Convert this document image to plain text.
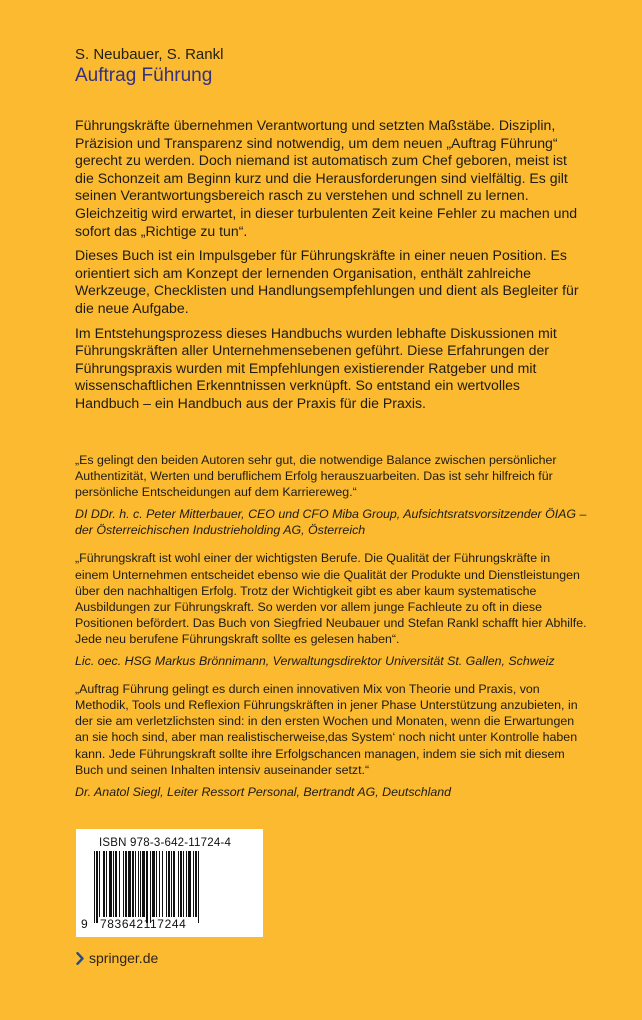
S. Neubauer, S. Rankl
Auftrag Führung

Führungskräfte übernehmen Verantwortung und setzten Maßstäbe. Disziplin, Präzision und Transparenz sind notwendig, um dem neuen „Auftrag Führung“ gerecht zu werden. Doch niemand ist automatisch zum Chef geboren, meist ist die Schonzeit am Beginn kurz und die Herausforderungen sind vielfältig. Es gilt seinen Verantwortungsbereich rasch zu verstehen und schnell zu lernen. Gleichzeitig wird erwartet, in dieser turbulenten Zeit keine Fehler zu machen und sofort das „Richtige zu tun“.

Dieses Buch ist ein Impulsgeber für Führungskräfte in einer neuen Position. Es orientiert sich am Konzept der lernenden Organisation, enthält zahlreiche Werkzeuge, Checklisten und Handlungsempfehlungen und dient als Begleiter für die neue Aufgabe.

Im Entstehungsprozess dieses Handbuchs wurden lebhafte Diskussionen mit Führungskräften aller Unternehmensebenen geführt. Diese Erfahrungen der Führungspraxis wurden mit Empfehlungen existierender Ratgeber und mit wissenschaftlichen Erkenntnissen verknüpft. So entstand ein wertvolles Handbuch – ein Handbuch aus der Praxis für die Praxis.

„Es gelingt den beiden Autoren sehr gut, die notwendige Balance zwischen persönlicher Authentizität, Werten und beruflichem Erfolg herauszuarbeiten. Das ist sehr hilfreich für persönliche Entscheidungen auf dem Karriereweg.“

DI DDr. h. c. Peter Mitterbauer, CEO und CFO Miba Group, Aufsichtsratsvorsitzender ÖIAG – der Österreichischen Industrieholding AG, Österreich

„Führungskraft ist wohl einer der wichtigsten Berufe. Die Qualität der Führungskräfte in einem Unternehmen entscheidet ebenso wie die Qualität der Produkte und Dienstleistungen über den nachhaltigen Erfolg. Trotz der Wichtigkeit gibt es aber kaum systematische Ausbildungen zur Führungskraft. So werden vor allem junge Fachleute zu oft in diese Positionen befördert. Das Buch von Siegfried Neubauer und Stefan Rankl schafft hier Abhilfe. Jede neu berufene Führungskraft sollte es gelesen haben“.

Lic. oec. HSG Markus Brönnimann, Verwaltungsdirektor Universität St. Gallen, Schweiz

„Auftrag Führung gelingt es durch einen innovativen Mix von Theorie und Praxis, von Methodik, Tools und Reflexion Führungskräften in jener Phase Unterstützung anzubieten, in der sie am verletzlichsten sind: in den ersten Wochen und Monaten, wenn die Erwartungen an sie hoch sind, aber man realistischerweise‚das System‘ noch nicht unter Kontrolle haben kann. Jede Führungskraft sollte ihre Erfolgschancen managen, indem sie sich mit diesem Buch und seinen Inhalten intensiv auseinander setzt.“

Dr. Anatol Siegl, Leiter Ressort Personal, Bertrandt AG, Deutschland

ISBN 978-3-642-11724-4
9 783642117244
springer.de
